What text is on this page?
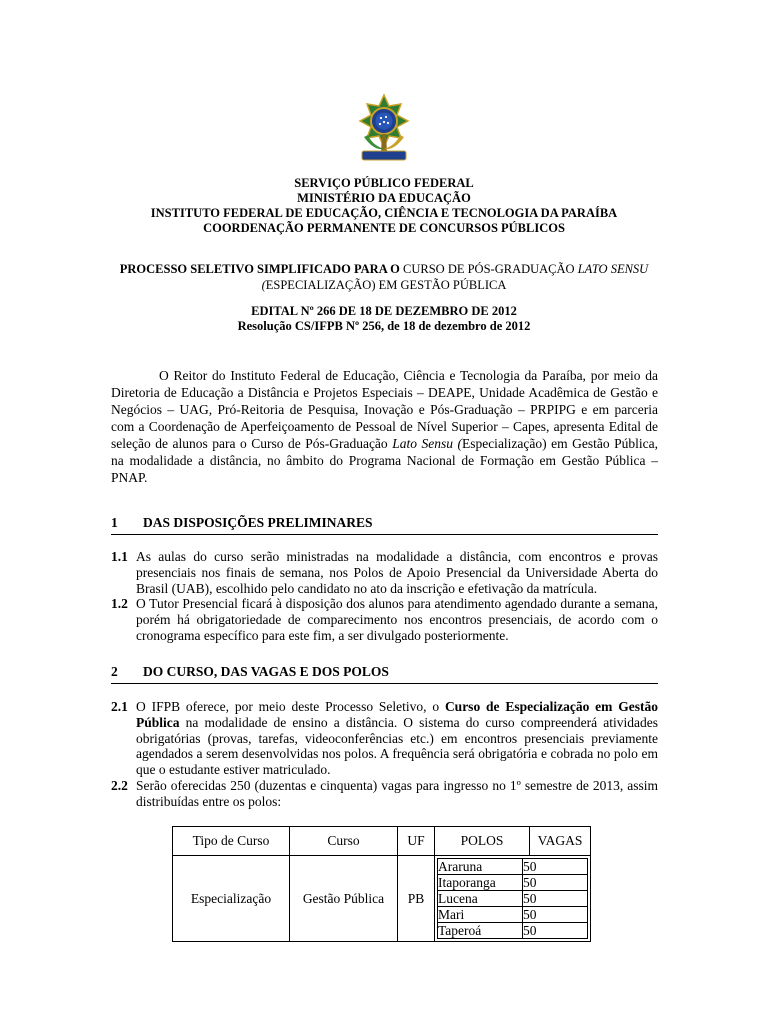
SERVIÇO PÚBLICO FEDERAL
MINISTÉRIO DA EDUCAÇÃO
INSTITUTO FEDERAL DE EDUCAÇÃO, CIÊNCIA E TECNOLOGIA DA PARAÍBA
COORDENAÇÃO PERMANENTE DE CONCURSOS PÚBLICOS
PROCESSO SELETIVO SIMPLIFICADO PARA O CURSO DE PÓS-GRADUAÇÃO LATO SENSU
(ESPECIALIZAÇÃO) EM GESTÃO PÚBLICA
EDITAL Nº 266 DE 18 DE DEZEMBRO DE 2012
Resolução CS/IFPB Nº 256, de 18 de dezembro de 2012

O Reitor do Instituto Federal de Educação, Ciência e Tecnologia da Paraíba, por meio da Diretoria de Educação a Distância e Projetos Especiais – DEAPE, Unidade Acadêmica de Gestão e Negócios – UAG, Pró-Reitoria de Pesquisa, Inovação e Pós-Graduação – PRPIPG e em parceria com a Coordenação de Aperfeiçoamento de Pessoal de Nível Superior – Capes, apresenta Edital de seleção de alunos para o Curso de Pós-Graduação Lato Sensu (Especialização) em Gestão Pública, na modalidade a distância, no âmbito do Programa Nacional de Formação em Gestão Pública – PNAP.

1 DAS DISPOSIÇÕES PRELIMINARES

1.1 As aulas do curso serão ministradas na modalidade a distância, com encontros e provas presenciais nos finais de semana, nos Polos de Apoio Presencial da Universidade Aberta do Brasil (UAB), escolhido pelo candidato no ato da inscrição e efetivação da matrícula.

1.2 O Tutor Presencial ficará à disposição dos alunos para atendimento agendado durante a semana, porém há obrigatoriedade de comparecimento nos encontros presenciais, de acordo com o cronograma específico para este fim, a ser divulgado posteriormente.

2 DO CURSO, DAS VAGAS E DOS POLOS

2.1 O IFPB oferece, por meio deste Processo Seletivo, o Curso de Especialização em Gestão Pública na modalidade de ensino a distância. O sistema do curso compreenderá atividades obrigatórias (provas, tarefas, videoconferências etc.) em encontros presenciais previamente agendados a serem desenvolvidas nos polos. A frequência será obrigatória e cobrada no polo em que o estudante estiver matriculado.

2.2 Serão oferecidas 250 (duzentas e cinquenta) vagas para ingresso no 1º semestre de 2013, assim distribuídas entre os polos:

Tipo de Curso	Curso	UF	POLOS	VAGAS
Especialização	Gestão Pública	PB	
Araruna	50
Itaporanga	50
Lucena	50
Mari	50
Taperoá	50
